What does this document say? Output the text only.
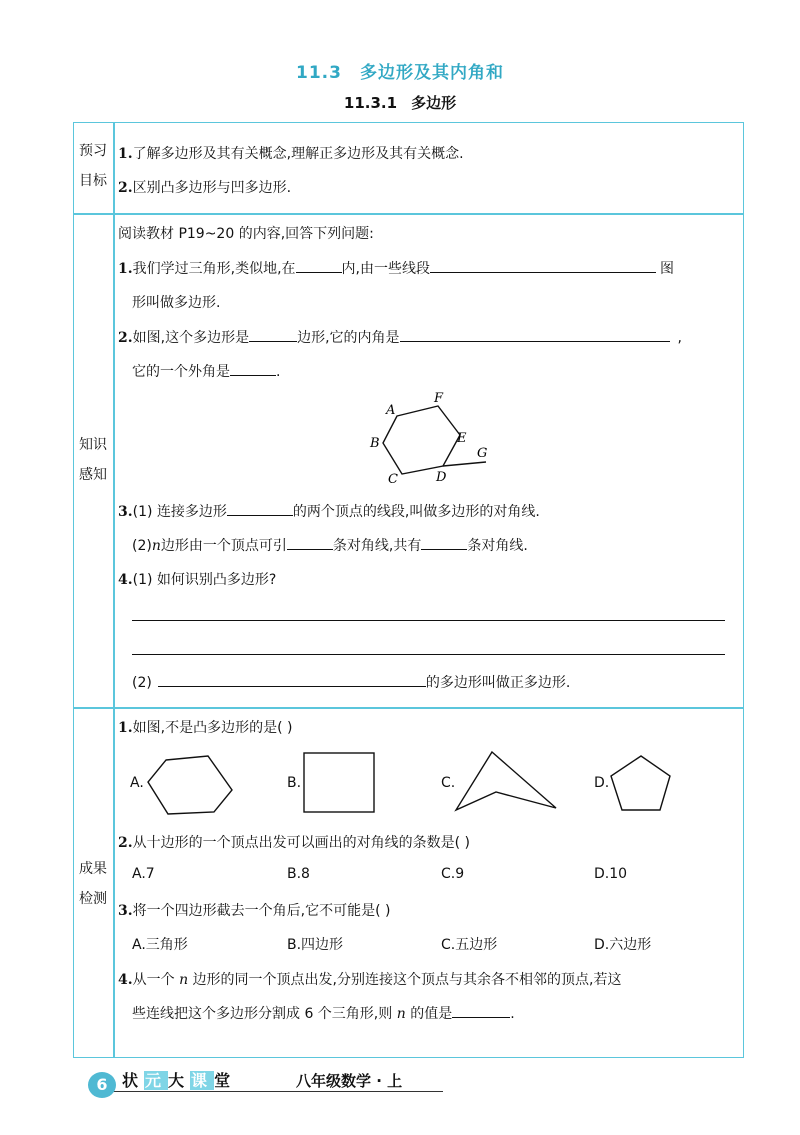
11.3 多边形及其内角和
11.3.1 多边形
预习
目标
1.了解多边形及其有关概念,理解正多边形及其有关概念.
2.区别凸多边形与凹多边形.
知识
感知
阅读教材 P19~20 的内容,回答下列问题:
1.我们学过三角形,类似地,在	内,由一些线段	图
形叫做多边形.
2.如图,这个多边形是	边形,它的内角是	,
它的一个外角是	.
A
F
B	E
G
C	D
3.(1) 连接多边形	的两个顶点的线段,叫做多边形的对角线.
(2)n边形由一个顶点可引	条对角线,共有	条对角线.
4.(1) 如何识别凸多边形?
(2)	的多边形叫做正多边形.
成果
检测
1.如图,不是凸多边形的是( )
A.	B.	C.	D.
2.从十边形的一个顶点出发可以画出的对角线的条数是( )
A.7	B.8	C.9	D.10
3.将一个四边形截去一个角后,它不可能是( )
A.三角形	B.四边形	C.五边形	D.六边形
4.从一个 n 边形的同一个顶点出发,分别连接这个顶点与其余各不相邻的顶点,若这
些连线把这个多边形分割成 6 个三角形,则 n 的值是	.
6 状元大课堂	八年级数学 · 上
